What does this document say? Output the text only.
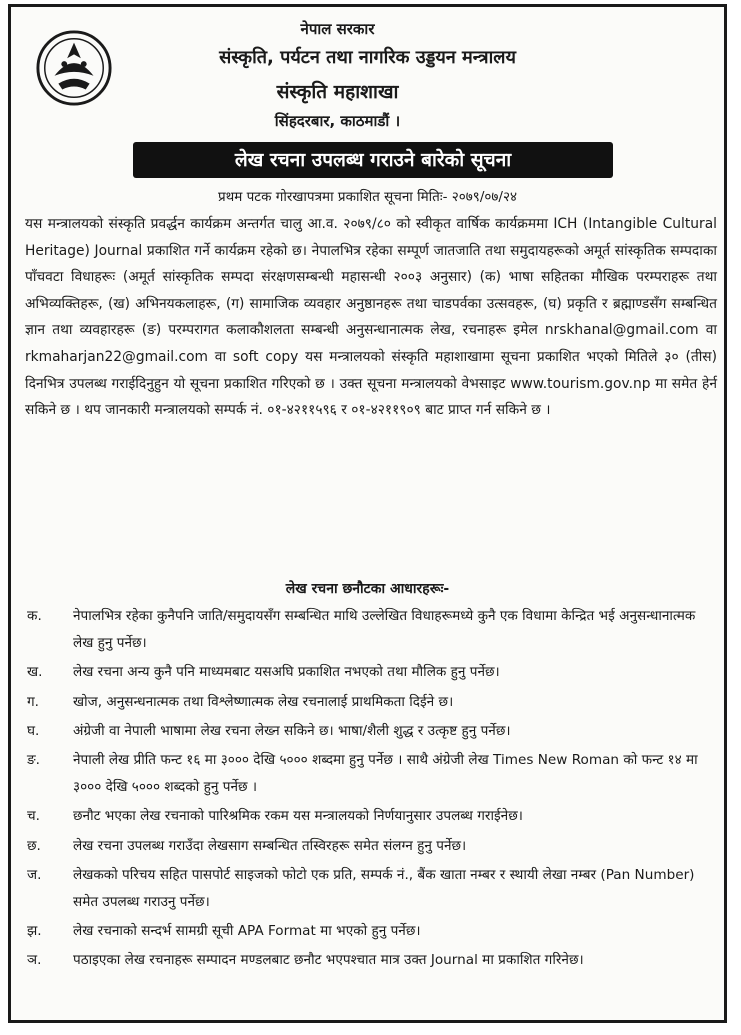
नेपाल सरकार
संस्कृति, पर्यटन तथा नागरिक उड्डयन मन्त्रालय
संस्कृति महाशाखा
सिंहदरबार, काठमाडौं ।
लेख रचना उपलब्ध गराउने बारेको सूचना
प्रथम पटक गोरखापत्रमा प्रकाशित सूचना मितिः- २०७९/०७/२४

यस मन्त्रालयको संस्कृति प्रवर्द्धन कार्यक्रम अन्तर्गत चालु आ.व. २०७९/८० को स्वीकृत वार्षिक कार्यक्रममा ICH (Intangible Cultural Heritage) Journal प्रकाशित गर्ने कार्यक्रम रहेको छ। नेपालभित्र रहेका सम्पूर्ण जातजाति तथा समुदायहरूको अमूर्त सांस्कृतिक सम्पदाका पाँचवटा विधाहरूः (अमूर्त सांस्कृतिक सम्पदा संरक्षणसम्बन्धी महासन्धी २००३ अनुसार) (क) भाषा सहितका मौखिक परम्पराहरू तथा अभिव्यक्तिहरू, (ख) अभिनयकलाहरू, (ग) सामाजिक व्यवहार अनुष्ठानहरू तथा चाडपर्वका उत्सवहरू, (घ) प्रकृति र ब्रह्माण्डसँग सम्बन्धित ज्ञान तथा व्यवहारहरू (ङ) परम्परागत कलाकौशलता सम्बन्धी अनुसन्धानात्मक लेख, रचनाहरू इमेल nrskhanal@gmail.com वा rkmaharjan22@gmail.com वा soft copy यस मन्त्रालयको संस्कृति महाशाखामा सूचना प्रकाशित भएको मितिले ३० (तीस) दिनभित्र उपलब्ध गराईदिनुहुन यो सूचना प्रकाशित गरिएको छ । उक्त सूचना मन्त्रालयको वेभसाइट www.tourism.gov.np मा समेत हेर्न सकिने छ । थप जानकारी मन्त्रालयको सम्पर्क नं. ०१-४२११५९६ र ०१-४२११९०९ बाट प्राप्त गर्न सकिने छ ।

लेख रचना छनौटका आधारहरूः-
क. नेपालभित्र रहेका कुनैपनि जाति/समुदायसँग सम्बन्धित माथि उल्लेखित विधाहरूमध्ये कुनै एक विधामा केन्द्रित भई अनुसन्धानात्मक लेख हुनु पर्नेछ।
ख. लेख रचना अन्य कुनै पनि माध्यमबाट यसअघि प्रकाशित नभएको तथा मौलिक हुनु पर्नेछ।
ग.	खोज, अनुसन्धनात्मक तथा विश्लेष्णात्मक लेख रचनालाई प्राथमिकता दिईने छ।
घ. अंग्रेजी वा नेपाली भाषामा लेख रचना लेख्न सकिने छ। भाषा/शैली शुद्ध र उत्कृष्ट हुनु पर्नेछ।
ङ. नेपाली लेख प्रीति फन्ट १६ मा ३००० देखि ५००० शब्दमा हुनु पर्नेछ । साथै अंग्रेजी लेख Times New Roman को फन्ट १४ मा ३००० देखि ५००० शब्दको हुनु पर्नेछ ।
च. छनौट भएका लेख रचनाको पारिश्रमिक रकम यस मन्त्रालयको निर्णयानुसार उपलब्ध गराईनेछ।
छ. लेख रचना उपलब्ध गराउँदा लेखसाग सम्बन्धित तस्विरहरू समेत संलग्न हुनु पर्नेछ।
ज. लेखकको परिचय सहित पासपोर्ट साइजको फोटो एक प्रति, सम्पर्क नं., बैंक खाता नम्बर र स्थायी लेखा नम्बर (Pan Number) समेत उपलब्ध गराउनु पर्नेछ।
झ. लेख रचनाको सन्दर्भ सामग्री सूची APA Format मा भएको हुनु पर्नेछ।
ञ. पठाइएका लेख रचनाहरू सम्पादन मण्डलबाट छनौट भएपश्चात मात्र उक्त Journal मा प्रकाशित गरिनेछ।
